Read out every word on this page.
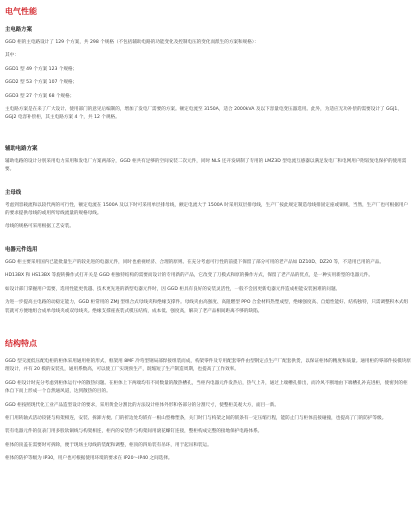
电气性能
主电路方案
GGD 柜的主电路设计了 129 个方案，共 298 个规格（不包括辅助电路的功能变化及控制电压的变化而派生的方案和规格）：
其中：
GGD1 型 49 个方案 123 个规格；
GGD2 型 53 个方案 107 个规格；
GGD3 型 27 个方案 68 个规格；
主电路方案是在来了广大设计、使用部门的意见后编制的，增加了发电厂需要的方案。额定电流至 3150A，适合 2000kVA 及以下容量电变压器选用。此外，为适应无功补偿的需要设计了 GGJ1、GGJ2 电容补偿柜，其主电路方案 4 个，共 12 个规格。
辅助电路方案
辅助电路的设计分别采用电力采用和发电厂方案两部分，GGD 柜共有足够的空间安装二次元件，同时 NLS 还开发研制了专用的 LMZ3D 型电流互感器以满足发电厂和电网用户附较复电保护的使用需要。
主母线
考虑到容载流和以较代两的可行性，额定电流在 1500A 及以下时可采用单层排母线，额定电流大于 1500A 时采用双层排母线，生产厂按此规定制造母线排固定座或铜规，当然，生产厂也可根据用户的要求提供母线的或用所母线流量的规格母线。
母线的规格可采用根据工艺安装。
电器元件选用
GGD 柜主要采用国内已能批量生产的较先进的电器元件，同时也重视经济、合理的原则。在充分考虑可行性的前提下保留了部分可用的老产品如 DZ10D、DZ20 等，不适用已用的产品。
HD13BX 和 HS13BX 等旋转操作式打开关是 GGD 柜独特结构的需要而设计的专用新的产品，它改变了刀模式和原的操作方式，保留了老产品的优点，是一种实用新型的电器元件。
如设计部门掌握用户需要，选用性能更优越、技术更先进的新型电器元件时，因 GGD 柜具有良好的安装灵活性，一般不会因更新电器元件造成柜能安装困难的问题。
为进一步提高主电路的动稳定能力，GGD 柜常用的 ZMJ 型组合式母线夹和绝缘支撑件。母线夹由高强度、高阻燃型 PPO 合金材料热塑成型，绝缘强度高、自熄性能好、结构独特，只需调整积木式组装就可方便地组合成单母线夹或双母线夹。绝缘支撑座查装式模压结构，成本低、强度高，解决了老产品相间距离不够的缺陷。
结构特点
GGD 型交流低压配电柜的柜体采用通用柜的形式，框架用 8MF 冷弯型钢局部焊接组装而成，构架零件及专用配套零件由型钢定点生产厂配套供货，以保证柜体的精度和质量。通用柜的零部件按模块原理设计，并有 20 模的安装孔，通用系数高，可以使工厂实现预生产，既缩短了生产制造周期，也提高了工作效率。
GGD 柜设计时充分考虑到柜体运行中的散热问题。在柜体上下两端均有不同数量的散热槽孔，当柜内电器元件发热后，热气上升，通过上端槽孔排出，而冷风不断地由下端槽孔补充进柜，使密封的柜体自下而上形成一个自然通风道，达到散热的目的。
GGD 柜按照现代化工业产品造型设计的要求，采用黄金分割比的方法设计柜体外形和各部分的分割尺寸，使整柜美观大方，面目一新。
柜门用转轴式活动铰链与构架相连，安装、拆卸方便。门的折边处均嵌有一根山型橡塑条，关门时门与构架之间的嵌条有一定压缩行程，能防止门与柜体直接碰撞，也提高了门的防护等级。
装有电器元件的仪表门用多股软铜线与构架相连，柜内的安装件与构架间用滚花螺钉连接，整柜构成完整的接地保护电路体系。
柜体的顶盖在需要时可拆除，便于现场主母线的装配和调整，柜顶的四角装有吊环，用于起吊和装运。
柜体的防护等级为 IP30，用户也可根据使用环境的要求在 IP20～IP40 之间选择。
